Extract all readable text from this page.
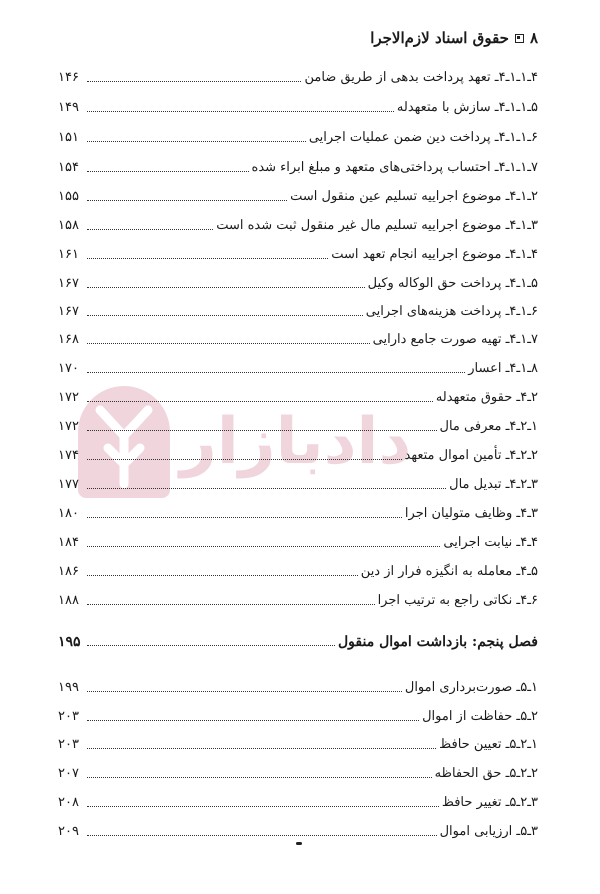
۸
حقوق اسناد لازم‌الاجرا
دادبازار
۴ـ۱ـ۱ـ۴ـ تعهد پرداخت بدهی از طریق ضامن
۱۴۶
۵ـ۱ـ۱ـ۴ـ سازش با متعهدله
۱۴۹
۶ـ۱ـ۱ـ۴ـ پرداخت دین ضمن عملیات اجرایی
۱۵۱
۷ـ۱ـ۱ـ۴ـ احتساب پرداختی‌های متعهد و مبلغ ابراء شده
۱۵۴
۲ـ۱ـ۴ـ موضوع اجراییه تسلیم عین منقول است
۱۵۵
۳ـ۱ـ۴ـ موضوع اجراییه تسلیم مال غیر منقول ثبت شده است
۱۵۸
۴ـ۱ـ۴ـ موضوع اجراییه انجام تعهد است
۱۶۱
۵ـ۱ـ۴ـ پرداخت حق الوکاله وکیل
۱۶۷
۶ـ۱ـ۴ـ پرداخت هزینه‌های اجرایی
۱۶۷
۷ـ۱ـ۴ـ تهیه صورت جامع دارایی
۱۶۸
۸ـ۱ـ۴ـ اعسار
۱۷۰
۲ـ۴ـ حقوق متعهدله
۱۷۲
۱ـ۲ـ۴ـ معرفی مال
۱۷۲
۲ـ۲ـ۴ـ تأمین اموال متعهد
۱۷۴
۳ـ۲ـ۴ـ تبدیل مال
۱۷۷
۳ـ۴ـ وظایف متولیان اجرا
۱۸۰
۴ـ۴ـ نیابت اجرایی
۱۸۴
۵ـ۴ـ معامله به انگیزه فرار از دین
۱۸۶
۶ـ۴ـ نکاتی راجع به ترتیب اجرا
۱۸۸
فصل پنجم: بازداشت اموال منقول
۱۹۵
۱ـ۵ـ صورت‌برداری اموال
۱۹۹
۲ـ۵ـ حفاظت از اموال
۲۰۳
۱ـ۲ـ۵ـ تعیین حافظ
۲۰۳
۲ـ۲ـ۵ـ حق الحفاظه
۲۰۷
۳ـ۲ـ۵ـ تغییر حافظ
۲۰۸
۳ـ۵ـ ارزیابی اموال
۲۰۹
